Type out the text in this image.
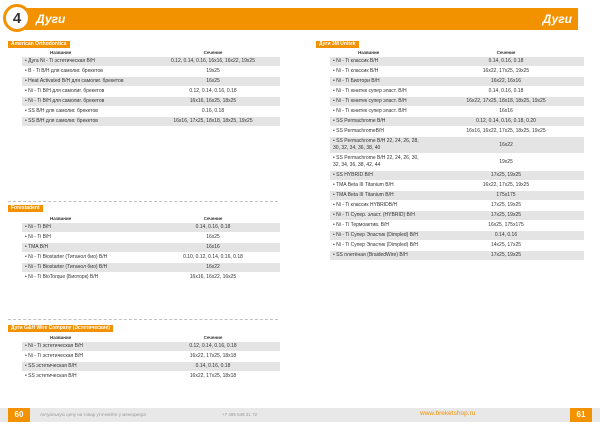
Дуги
4
American Orthodontics
Название	Сечение
• Дуга Ni - Ti эстетическая В/Н	0.12, 0.14, 0.16, 16x16, 16x22, 19x25
• B - Ti В/Н для самолиг. брекетов	19x25
• Heat Activated В/Н для самолиг. брекетов	16x25
• Ni - Ti В/Н для самолиг. брекетов	0.12, 0.14, 0.16, 0.18
• Ni - Ti В/Н для самолиг. брекетов	16x16, 16x25, 18x25
• SS В/Н для самолиг. брекетов	0.16, 0.18
• SS В/Н для самолиг. брекетов	16x16, 17x25, 18x18, 18x25, 19x25
Forestadent
Название	Сечение
• Ni - Ti В/Н	0.14, 0.16, 0.18
• Ni - Ti В/Н	16x25
• TMA В/Н	16x16
• Ni - Ti Biostarter (Титанол био) В/Н	0.10, 0.12, 0.14, 0.16, 0.18
• Ni - Ti Biostarter (Титанол био) В/Н	16x22
• Ni - Ti BioTorque (Биоторк) В/Н	16x16, 16x22, 16x25
Дуги G&H Wire Company (Эстетические)
Название	Сечение
• Ni - Ti эстетическая В/Н	0.12, 0.14, 0.16, 0.18
• Ni - Ti эстетическая В/Н	16x22, 17x25, 18x18
• SS эстетическая В/Н	0.14, 0.16, 0.18
• SS эстетическая В/Н	16x22, 17x25, 18x18
60	Актуальную цену на товар уточняйте у менеджера	+7 495 648 31 72
Дуги
Дуги 3M Unitek
Название	Сечение
• Ni - Ti классик В/Н	0.14, 0.16, 0.18
• Ni - Ti классик В/Н	16x22, 17x25, 19x25
• Ni - Ti Биотори В/Н	16x22, 16x16
• Ni - Ti юнитек супер эласт. В/Н	0.14, 0.16, 0.18
• Ni - Ti юнитек супер эласт. В/Н	16x22, 17x25, 18x18, 18x25, 19x25
• Ni - Ti юнитек супер эласт. В/Н	16x16
• SS Permachrome В/Н	0.12, 0.14, 0.16, 0.18, 0.20
• SS PermachromeВ/Н	16x16, 16x22, 17x25, 18x25, 19x25
• SS Permachrome В/Н 22, 24, 26, 28, 30, 32, 34, 36, 38, 40	16x22
• SS Permachrome В/Н 22, 24, 26, 30, 32, 34, 36, 38, 42, 44	19x25
• SS HYBRID В/Н	17x25, 19x25
• TMA Beta III Titanium В/Н	16x22, 17x25, 19x25
• TMA Beta III Titanium В/Н	175x175
• Ni - Ti классик HYBRIDВ/Н	17x25, 19x25
• Ni - Ti Супер. эласт. (HYBRID) В/Н	17x25, 19x25
• Ni - Ti Термоактив. В/Н	16x25, 175x175
• Ni - Ti Супер Эластик (Dimpled) В/Н	0.14, 0.16
• Ni - Ti Супер Эластик (Dimpled) В/Н	14x25, 17x25
• SS плетёная (BraidedWire) В/Н	17x25, 19x25
www.breketshop.ru	61
